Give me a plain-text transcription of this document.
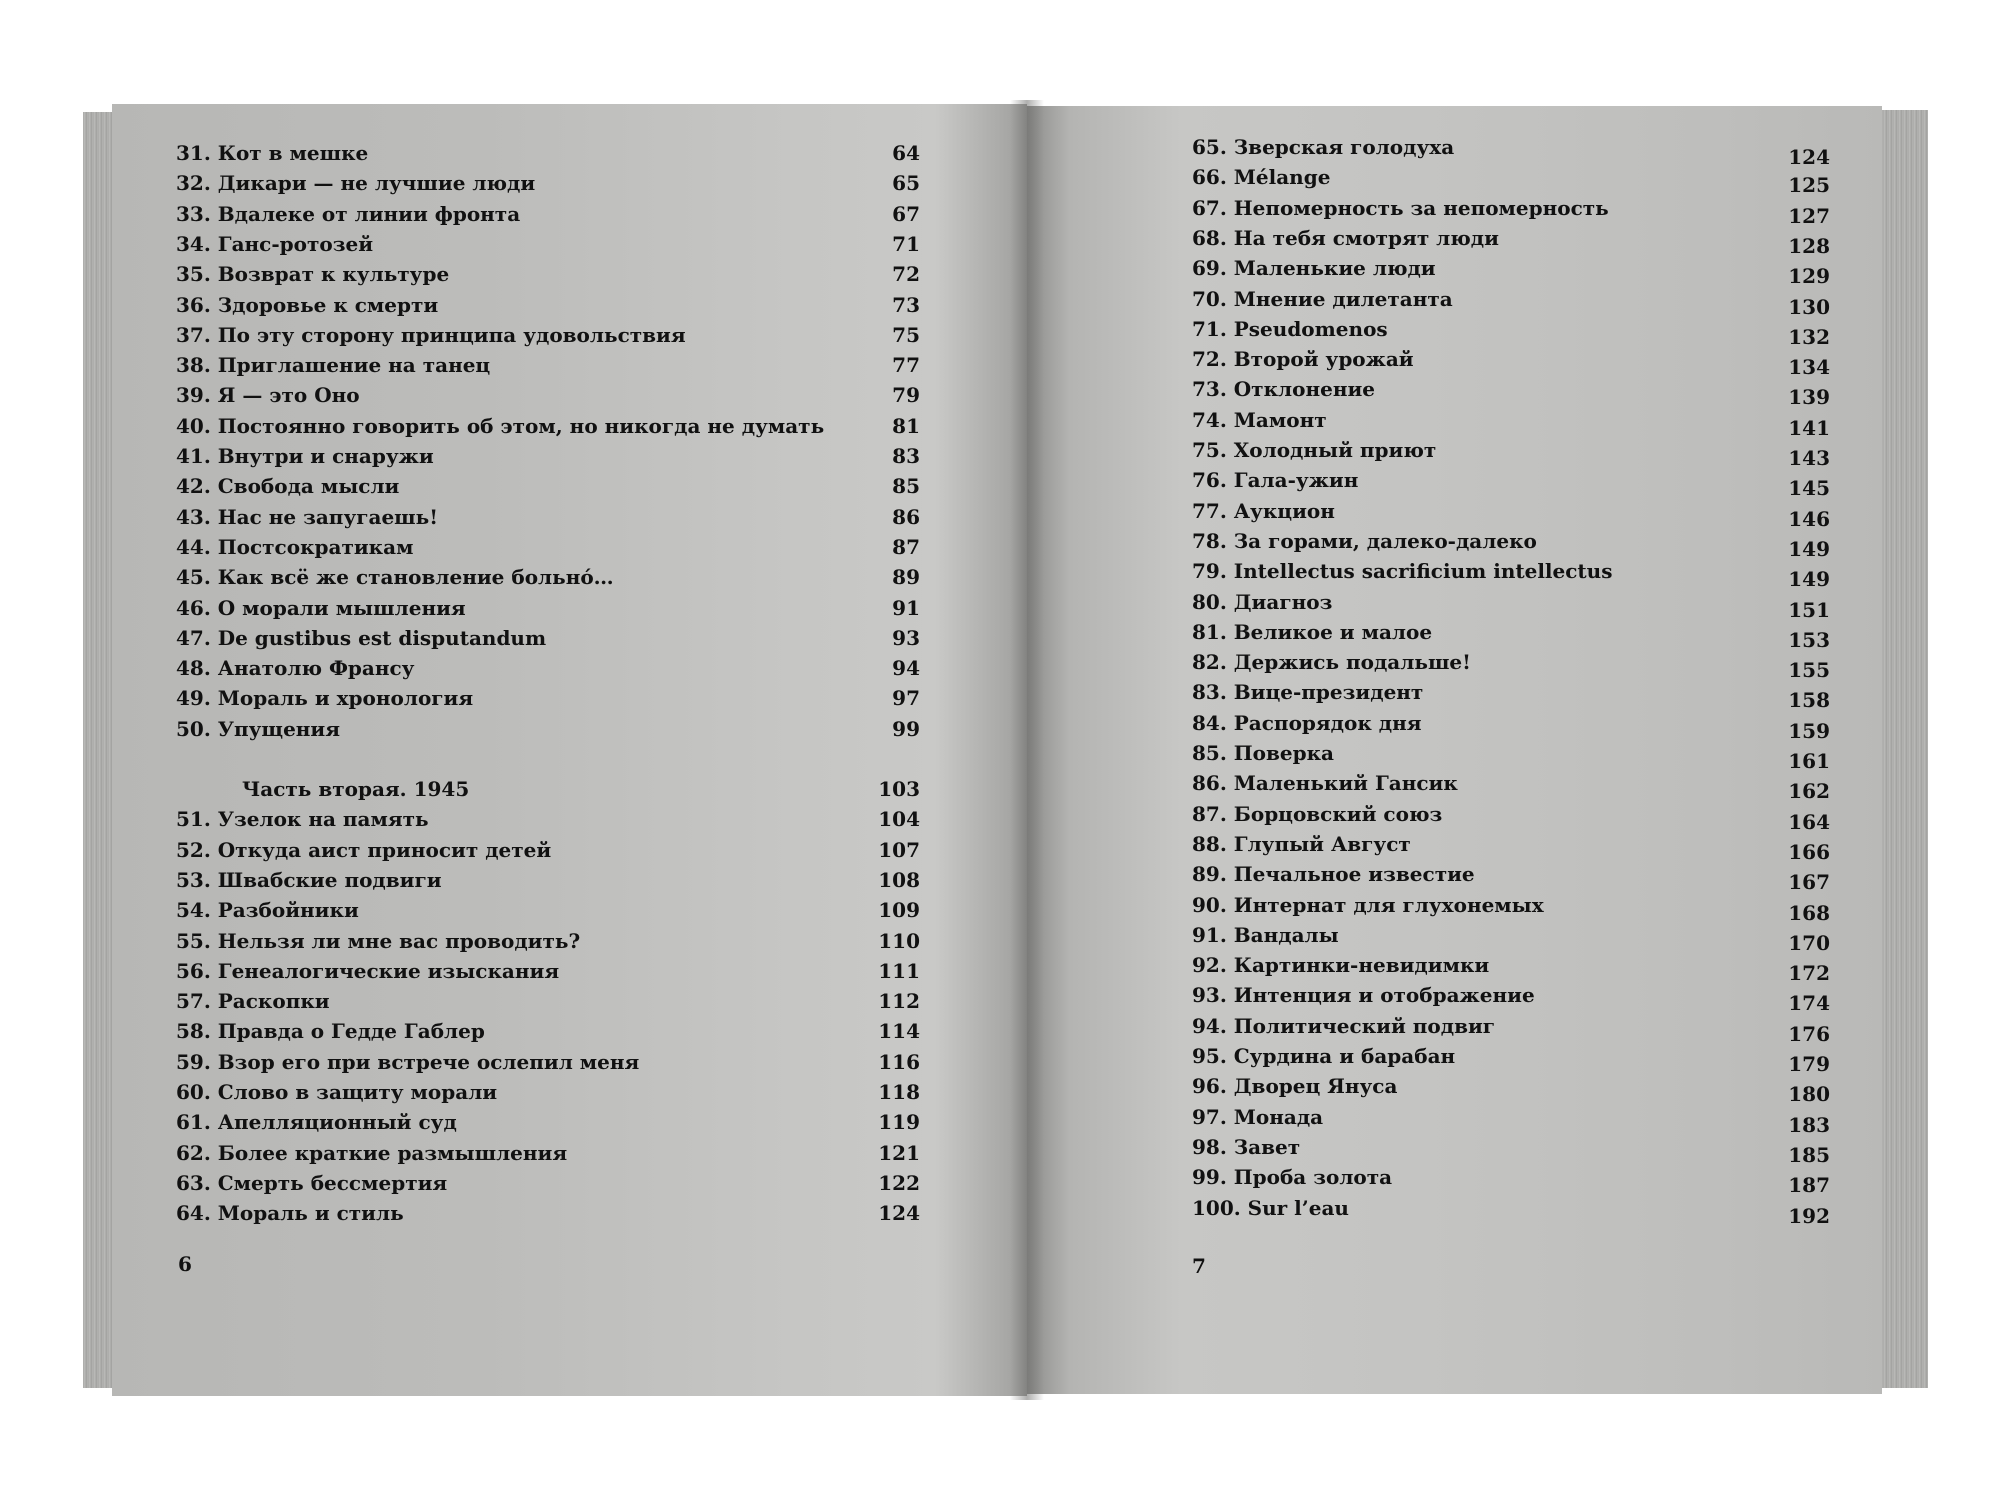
31. Кот в мешке	64
32. Дикари — не лучшие люди	65
33. Вдалеке от линии фронта	67
34. Ганс-ротозей	71
35. Возврат к культуре	72
36. Здоровье к смерти	73
37. По эту сторону принципа удовольствия	75
38. Приглашение на танец	77
39. Я — это Оно	79
40. Постоянно говорить об этом, но никогда не думать	81
41. Внутри и снаружи	83
42. Свобода мысли	85
43. Нас не запугаешь!	86
44. Постсократикам	87
45. Как всё же становление больно́…	89
46. О морали мышления	91
47. De gustibus est disputandum	93
48. Анатолю Франсу	94
49. Мораль и хронология	97
50. Упущения	99
Часть вторая. 1945	103
51. Узелок на память	104
52. Откуда аист приносит детей	107
53. Швабские подвиги	108
54. Разбойники	109
55. Нельзя ли мне вас проводить?	110
56. Генеалогические изыскания	111
57. Раскопки	112
58. Правда о Гедде Габлер	114
59. Взор его при встрече ослепил меня	116
60. Слово в защиту морали	118
61. Апелляционный суд	119
62. Более краткие размышления	121
63. Смерть бессмертия	122
64. Мораль и стиль	124
6
65. Зверская голодуха	124
66. Mélange	125
67. Непомерность за непомерность	127
68. На тебя смотрят люди	128
69. Маленькие люди	129
70. Мнение дилетанта	130
71. Pseudomenos	132
72. Второй урожай	134
73. Отклонение	139
74. Мамонт	141
75. Холодный приют	143
76. Гала-ужин	145
77. Аукцион	146
78. За горами, далеко-далеко	149
79. Intellectus sacrificium intellectus	149
80. Диагноз	151
81. Великое и малое	153
82. Держись подальше!	155
83. Вице-президент	158
84. Распорядок дня	159
85. Поверка	161
86. Маленький Гансик	162
87. Борцовский союз	164
88. Глупый Август	166
89. Печальное известие	167
90. Интернат для глухонемых	168
91. Вандалы	170
92. Картинки-невидимки	172
93. Интенция и отображение	174
94. Политический подвиг	176
95. Сурдина и барабан	179
96. Дворец Януса	180
97. Монада	183
98. Завет	185
99. Проба золота	187
100. Sur l’eau	192
7
